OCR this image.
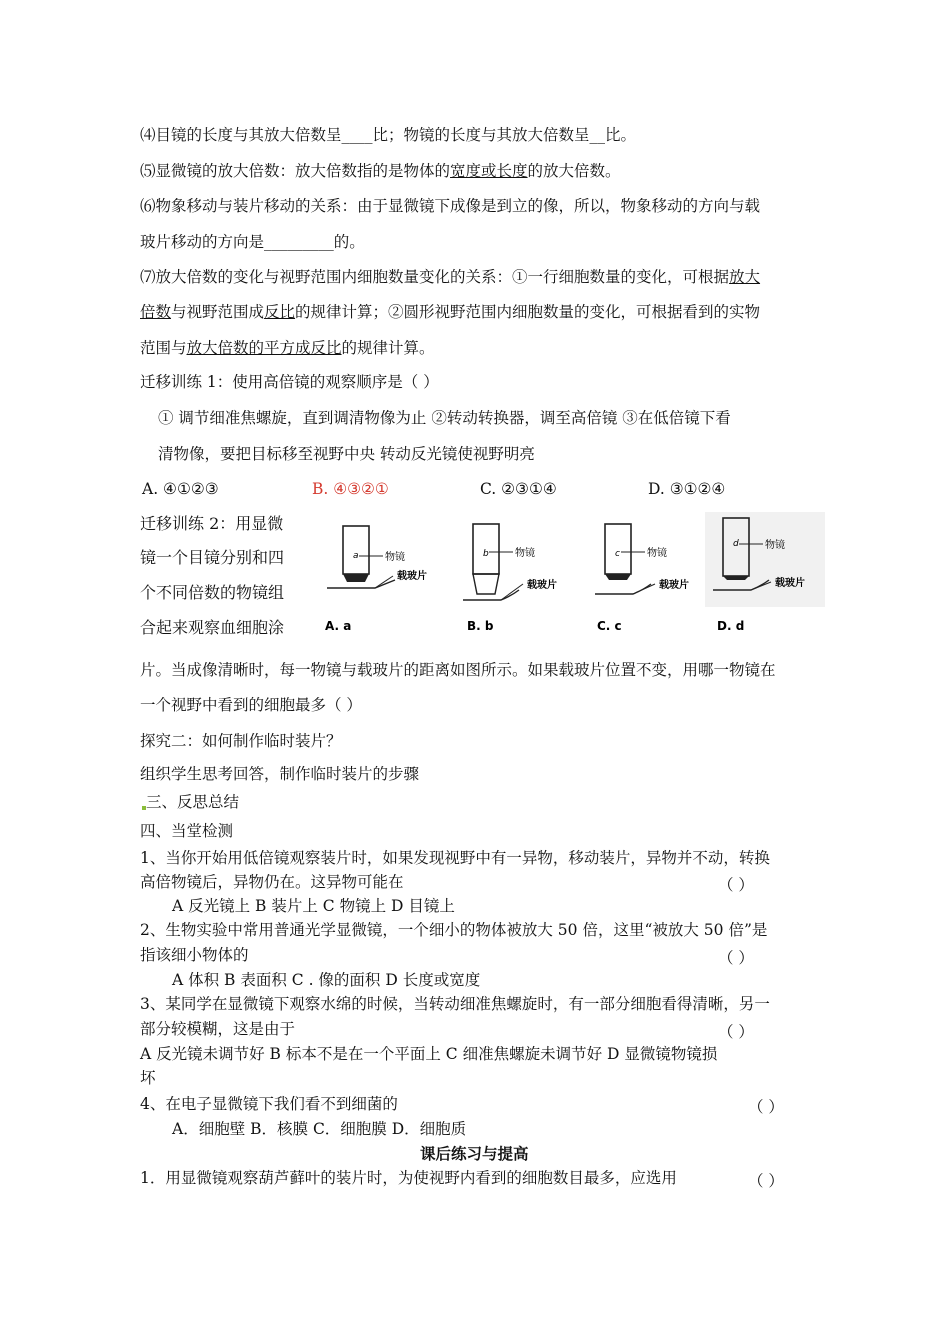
⑷目镜的长度与其放大倍数呈____比；物镜的长度与其放大倍数呈__比。
⑸显微镜的放大倍数：放大倍数指的是物体的宽度或长度的放大倍数。
⑹物象移动与装片移动的关系：由于显微镜下成像是到立的像，所以，物象移动的方向与载
玻片移动的方向是_________的。
⑺放大倍数的变化与视野范围内细胞数量变化的关系：①一行细胞数量的变化，可根据放大
倍数与视野范围成反比的规律计算；②圆形视野范围内细胞数量的变化，可根据看到的实物
范围与放大倍数的平方成反比的规律计算。
迁移训练 1：使用高倍镜的观察顺序是（ ）
① 调节细准焦螺旋，直到调清物像为止 ②转动转换器，调至高倍镜 ③在低倍镜下看
清物像，要把目标移至视野中央 转动反光镜使视野明亮
A. ④①②③	B. ④③②①	C. ②③①④	D. ③①②④
迁移训练 2：用显微
镜一个目镜分别和四
个不同倍数的物镜组
合起来观察血细胞涂
a	物镜
载玻片
A. a
b	物镜
载玻片
B. b
c	物镜
载玻片
C. c
d	物镜
载玻片
D. d
片。当成像清晰时，每一物镜与载玻片的距离如图所示。如果载玻片位置不变，用哪一物镜在
一个视野中看到的细胞最多（ ）
探究二：如何制作临时装片？
组织学生思考回答，制作临时装片的步骤
三、反思总结
四、当堂检测
1、当你开始用低倍镜观察装片时，如果发现视野中有一异物，移动装片，异物并不动，转换
高倍物镜后，异物仍在。这异物可能在	（ ）
A 反光镜上 B 装片上 C 物镜上 D 目镜上
2、生物实验中常用普通光学显微镜，一个细小的物体被放大 50 倍，这里“被放大 50 倍”是
指该细小物体的	（ ）
A 体积 B 表面积 C . 像的面积 D 长度或宽度
3、某同学在显微镜下观察水绵的时候，当转动细准焦螺旋时，有一部分细胞看得清晰，另一
部分较模糊，这是由于	（ ）
A 反光镜未调节好 B 标本不是在一个平面上 C 细准焦螺旋未调节好 D 显微镜物镜损
坏
4、在电子显微镜下我们看不到细菌的	（ ）
A．细胞壁 B．核膜 C．细胞膜 D．细胞质
课后练习与提高
1．用显微镜观察葫芦藓叶的装片时，为使视野内看到的细胞数目最多，应选用	（ ）
